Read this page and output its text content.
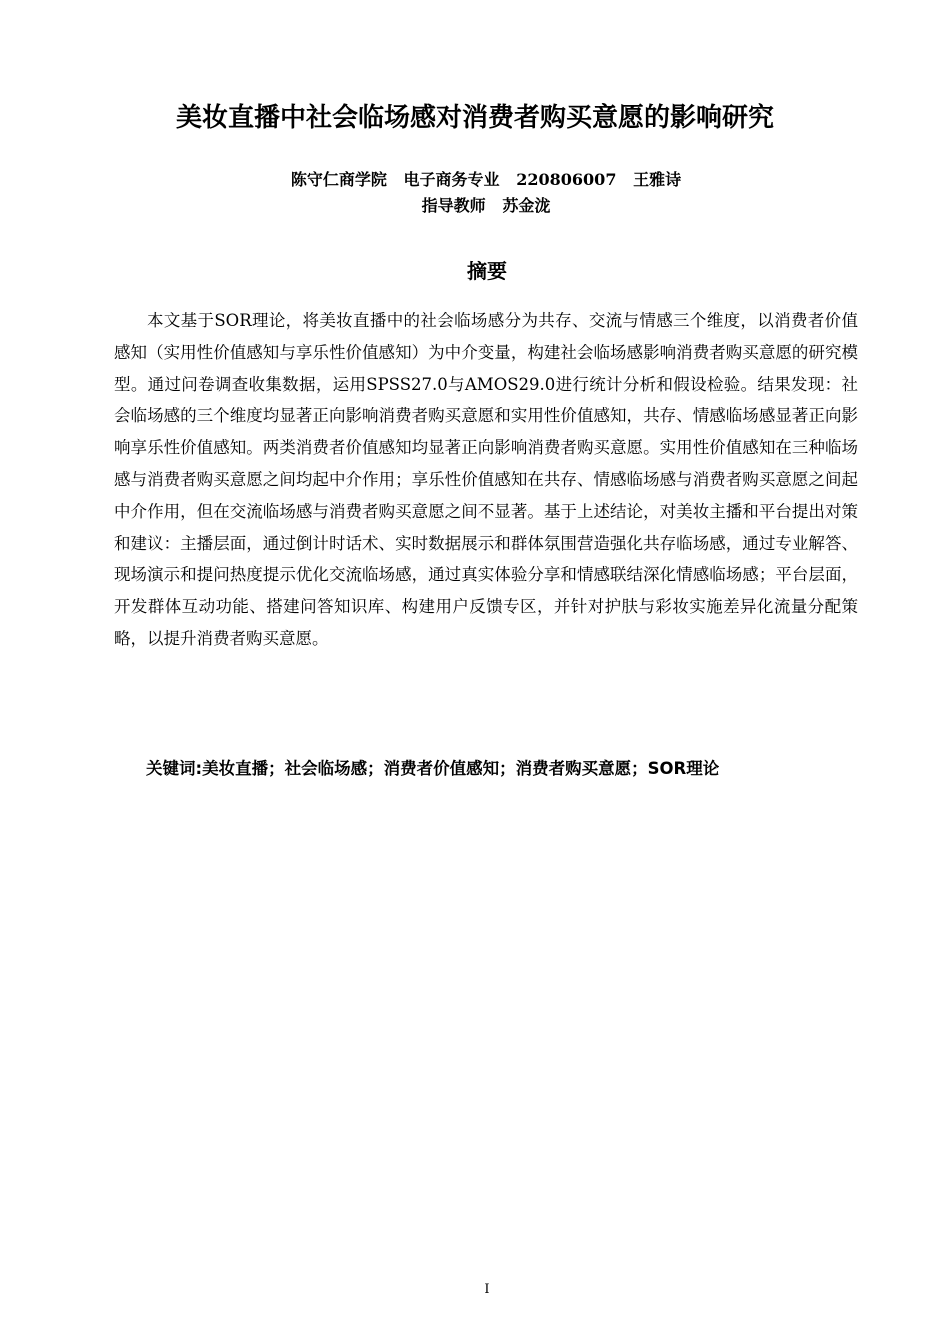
美妆直播中社会临场感对消费者购买意愿的影响研究
陈守仁商学院   电子商务专业   220806007   王雅诗
指导教师   苏金泷
摘要

本文基于SOR理论，将美妆直播中的社会临场感分为共存、交流与情感三个维度，以消费者价值感知（实用性价值感知与享乐性价值感知）为中介变量，构建社会临场感影响消费者购买意愿的研究模型。通过问卷调查收集数据，运用SPSS27.0与AMOS29.0进行统计分析和假设检验。结果发现：社会临场感的三个维度均显著正向影响消费者购买意愿和实用性价值感知，共存、情感临场感显著正向影响享乐性价值感知。两类消费者价值感知均显著正向影响消费者购买意愿。实用性价值感知在三种临场感与消费者购买意愿之间均起中介作用；享乐性价值感知在共存、情感临场感与消费者购买意愿之间起中介作用，但在交流临场感与消费者购买意愿之间不显著。基于上述结论，对美妆主播和平台提出对策和建议：主播层面，通过倒计时话术、实时数据展示和群体氛围营造强化共存临场感，通过专业解答、现场演示和提问热度提示优化交流临场感，通过真实体验分享和情感联结深化情感临场感；平台层面，开发群体互动功能、搭建问答知识库、构建用户反馈专区，并针对护肤与彩妆实施差异化流量分配策略，以提升消费者购买意愿。

关键词:美妆直播；社会临场感；消费者价值感知；消费者购买意愿；SOR理论
I
